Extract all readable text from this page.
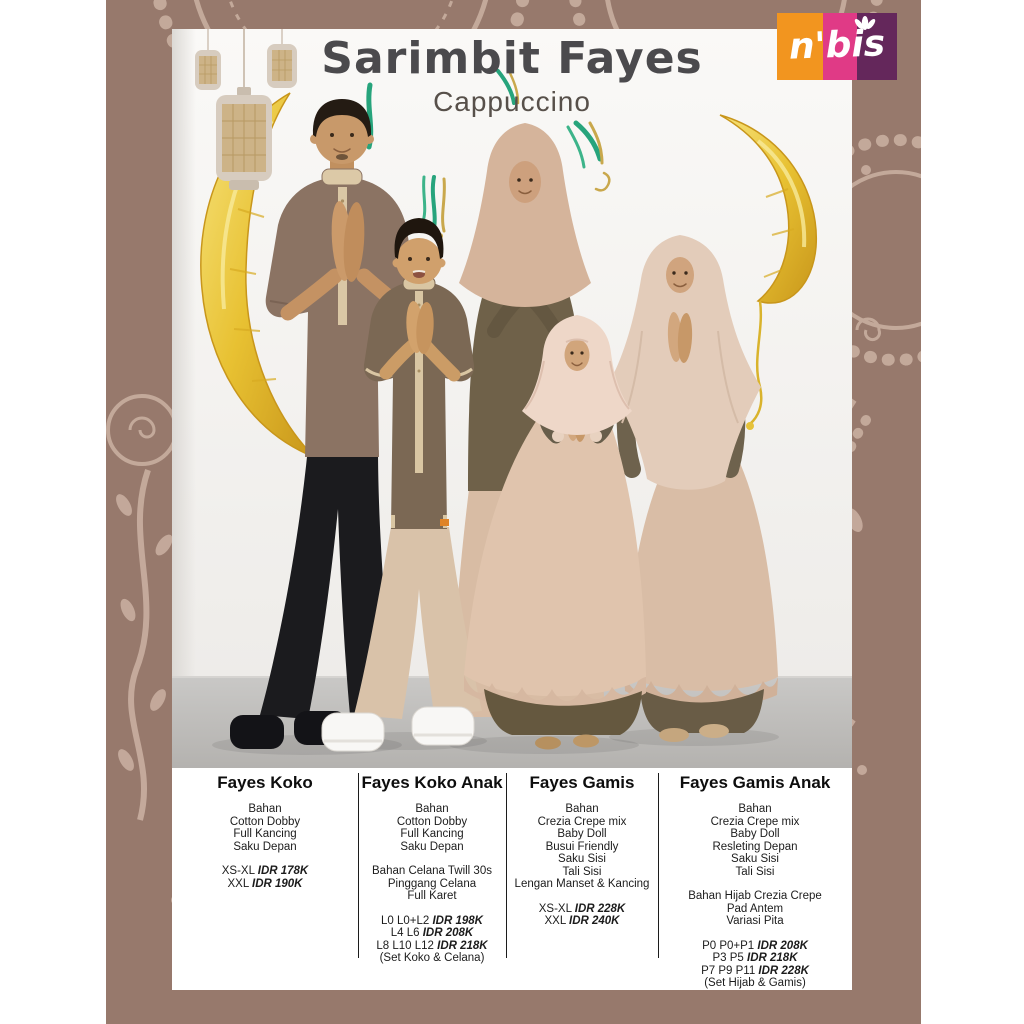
Sarimbit Fayes
Cappuccino
Fayes Koko
Bahan
Cotton Dobby
Full Kancing
Saku Depan
XS-XL IDR 178K
XXL IDR 190K
Fayes Koko Anak
Bahan
Cotton Dobby
Full Kancing
Saku Depan
Bahan Celana Twill 30s
Pinggang Celana
Full Karet
L0 L0+L2 IDR 198K
L4 L6 IDR 208K
L8 L10 L12 IDR 218K
(Set Koko & Celana)
Fayes Gamis
Bahan
Crezia Crepe mix
Baby Doll
Busui Friendly
Saku Sisi
Tali Sisi
Lengan Manset & Kancing
XS-XL IDR 228K
XXL IDR 240K
Fayes Gamis Anak
Bahan
Crezia Crepe mix
Baby Doll
Resleting Depan
Saku Sisi
Tali Sisi
Bahan Hijab Crezia Crepe
Pad Antem
Variasi Pita
P0 P0+P1 IDR 208K
P3 P5 IDR 218K
P7 P9 P11 IDR 228K
(Set Hijab & Gamis)
n'bis
